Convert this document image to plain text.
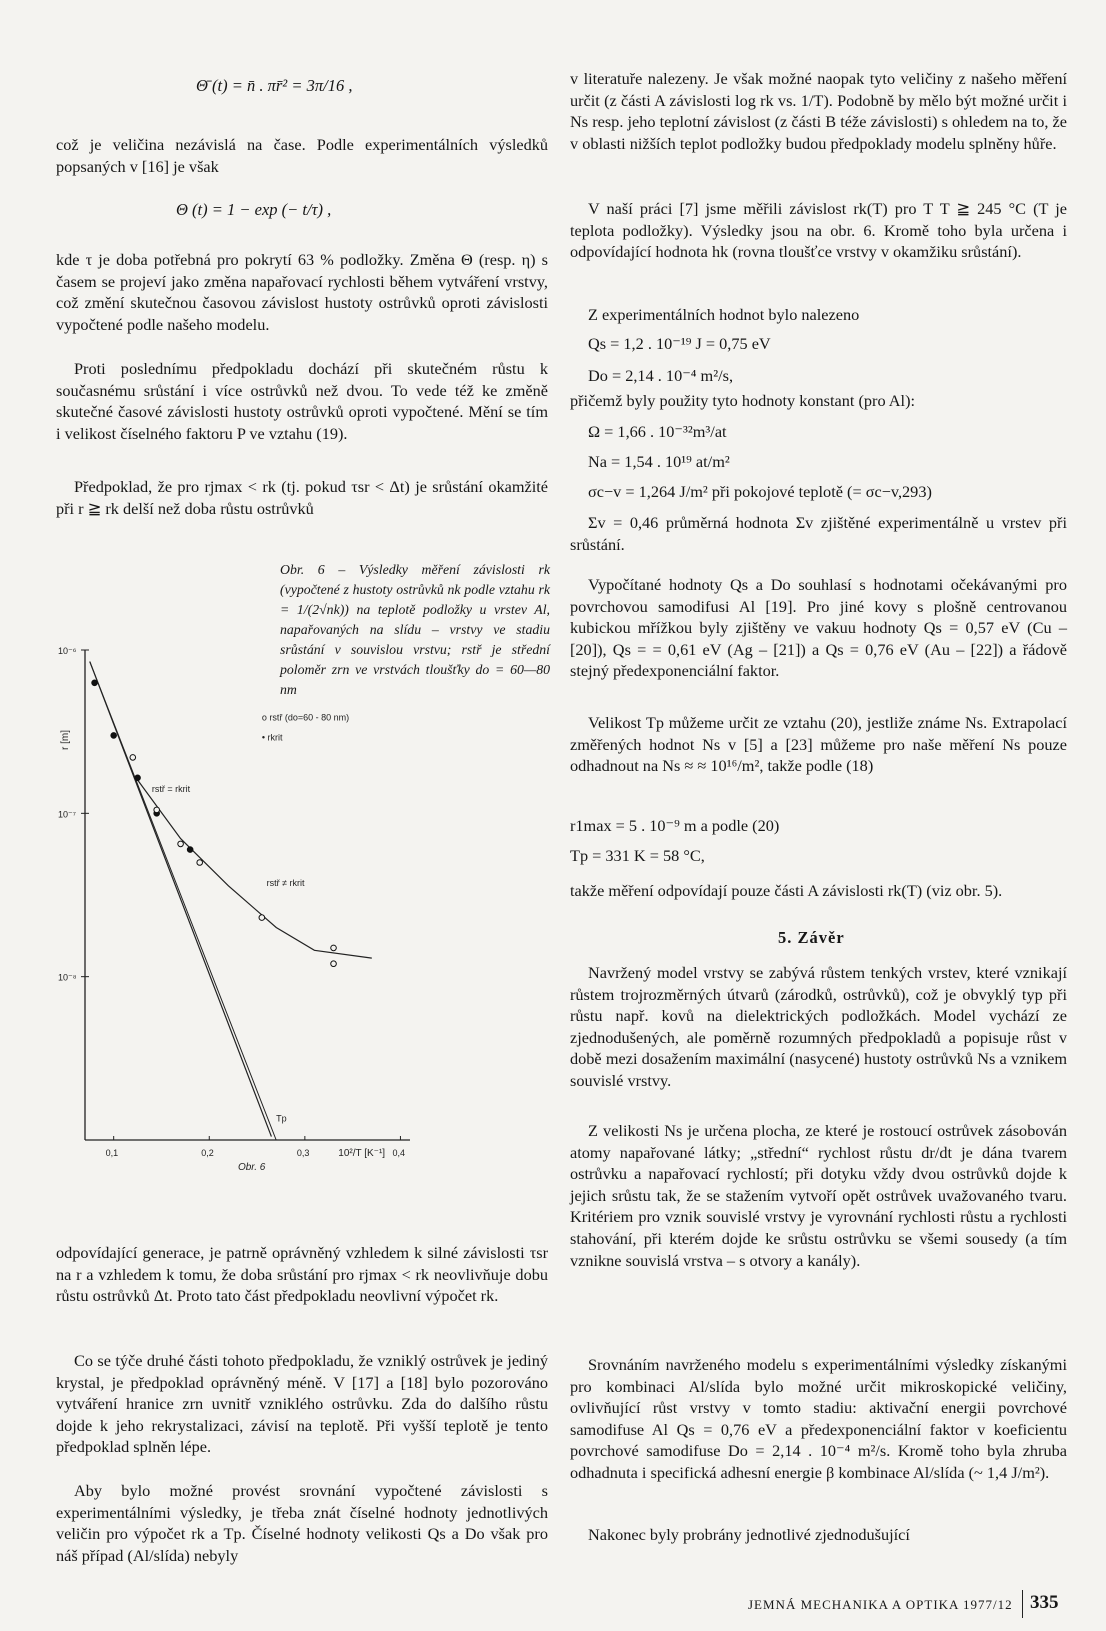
Θ̄ (t) = n̄ . πr̄² = 3π/16 ,

což je veličina nezávislá na čase. Podle experimentálních výsledků popsaných v [16] je však

Θ (t) = 1 − exp (− t/τ) ,

kde τ je doba potřebná pro pokrytí 63 % podložky. Změna Θ (resp. η) s časem se projeví jako změna napařovací rychlosti během vytváření vrstvy, což změní skutečnou časovou závislost hustoty ostrůvků oproti závislosti vypočtené podle našeho modelu.

Proti poslednímu předpokladu dochází při skutečném růstu k současnému srůstání i více ostrůvků než dvou. To vede též ke změně skutečné časové závislosti hustoty ostrůvků oproti vypočtené. Mění se tím i velikost číselného faktoru P ve vztahu (19).

Předpoklad, že pro rjmax < rk (tj. pokud τsr < Δt) je srůstání okamžité při r ≧ rk delší než doba růstu ostrůvků

odpovídající generace, je patrně oprávněný vzhledem k silné závislosti τsr na r a vzhledem k tomu, že doba srůstání pro rjmax < rk neovlivňuje dobu růstu ostrůvků Δt. Proto tato část předpokladu neovlivní výpočet rk.

Co se týče druhé části tohoto předpokladu, že vzniklý ostrůvek je jediný krystal, je předpoklad oprávněný méně. V [17] a [18] bylo pozorováno vytváření hranice zrn uvnitř vzniklého ostrůvku. Zda do dalšího růstu dojde k jeho rekrystalizaci, závisí na teplotě. Při vyšší teplotě je tento předpoklad splněn lépe.

Aby bylo možné provést srovnání vypočtené závislosti s experimentálními výsledky, je třeba znát číselné hodnoty jednotlivých veličin pro výpočet rk a Tp. Číselné hodnoty velikosti Qs a Do však pro náš případ (Al/slída) nebyly

Obr. 6 – Výsledky měření závislosti rk (vypočtené z hustoty ostrůvků nk podle vztahu rk = 1/(2√nk)) na teplotě podložky u vrstev Al, napařovaných na slídu – vrstvy ve stadiu srůstání v souvislou vrstvu; rstř je střední poloměr zrn ve vrstvách tloušťky do = 60—80 nm
10⁻⁶
10⁻⁷
10⁻⁸
0,1	0,2	0,3	0,4
r [m]
10²/T [K⁻¹]
Obr. 6
rstř = rkrit
rstř ≠ rkrit
Tp
o rstř (do=60 - 80 nm)
• rkrit

v literatuře nalezeny. Je však možné naopak tyto veličiny z našeho měření určit (z části A závislosti log rk vs. 1/T). Podobně by mělo být možné určit i Ns resp. jeho teplotní závislost (z části B téže závislosti) s ohledem na to, že v oblasti nižších teplot podložky budou předpoklady modelu splněny hůře.

V naší práci [7] jsme měřili závislost rk(T) pro T T ≧ 245 °C (T je teplota podložky). Výsledky jsou na obr. 6. Kromě toho byla určena i odpovídající hodnota hk (rovna tloušťce vrstvy v okamžiku srůstání).

Z experimentálních hodnot bylo nalezeno

Qs = 1,2 . 10⁻¹⁹ J = 0,75 eV
Do = 2,14 . 10⁻⁴ m²/s,

přičemž byly použity tyto hodnoty konstant (pro Al):

Ω = 1,66 . 10⁻³²m³/at
Na = 1,54 . 10¹⁹ at/m²
σc−v = 1,264 J/m² při pokojové teplotě (= σc−v,293)

Σv = 0,46 průměrná hodnota Σv zjištěné experimentálně u vrstev při srůstání.

Vypočítané hodnoty Qs a Do souhlasí s hodnotami očekávanými pro povrchovou samodifusi Al [19]. Pro jiné kovy s plošně centrovanou kubickou mřížkou byly zjištěny ve vakuu hodnoty Qs = 0,57 eV (Cu – [20]), Qs = = 0,61 eV (Ag – [21]) a Qs = 0,76 eV (Au – [22]) a řádově stejný předexponenciální faktor.

Velikost Tp můžeme určit ze vztahu (20), jestliže známe Ns. Extrapolací změřených hodnot Ns v [5] a [23] můžeme pro naše měření Ns pouze odhadnout na Ns ≈ ≈ 10¹⁶/m², takže podle (18)

r1max = 5 . 10⁻⁹ m a podle (20)
Tp = 331 K = 58 °C,

takže měření odpovídají pouze části A závislosti rk(T) (viz obr. 5).

5. Závěr

Navržený model vrstvy se zabývá růstem tenkých vrstev, které vznikají růstem trojrozměrných útvarů (zárodků, ostrůvků), což je obvyklý typ při růstu např. kovů na dielektrických podložkách. Model vychází ze zjednodušených, ale poměrně rozumných předpokladů a popisuje růst v době mezi dosažením maximální (nasycené) hustoty ostrůvků Ns a vznikem souvislé vrstvy.

Z velikosti Ns je určena plocha, ze které je rostoucí ostrůvek zásobován atomy napařované látky; „střední“ rychlost růstu dr/dt je dána tvarem ostrůvku a napařovací rychlostí; při dotyku vždy dvou ostrůvků dojde k jejich srůstu tak, že se stažením vytvoří opět ostrůvek uvažovaného tvaru. Kritériem pro vznik souvislé vrstvy je vyrovnání rychlosti růstu a rychlosti stahování, při kterém dojde ke srůstu ostrůvku se všemi sousedy (a tím vznikne souvislá vrstva – s otvory a kanály).

Srovnáním navrženého modelu s experimentálními výsledky získanými pro kombinaci Al/slída bylo možné určit mikroskopické veličiny, ovlivňující růst vrstvy v tomto stadiu: aktivační energii povrchové samodifuse Al Qs = 0,76 eV a předexponenciální faktor v koeficientu povrchové samodifuse Do = 2,14 . 10⁻⁴ m²/s. Kromě toho byla zhruba odhadnuta i specifická adhesní energie β kombinace Al/slída (~ 1,4 J/m²).

Nakonec byly probrány jednotlivé zjednodušující

JEMNÁ MECHANIKA A OPTIKA 1977/12 335
